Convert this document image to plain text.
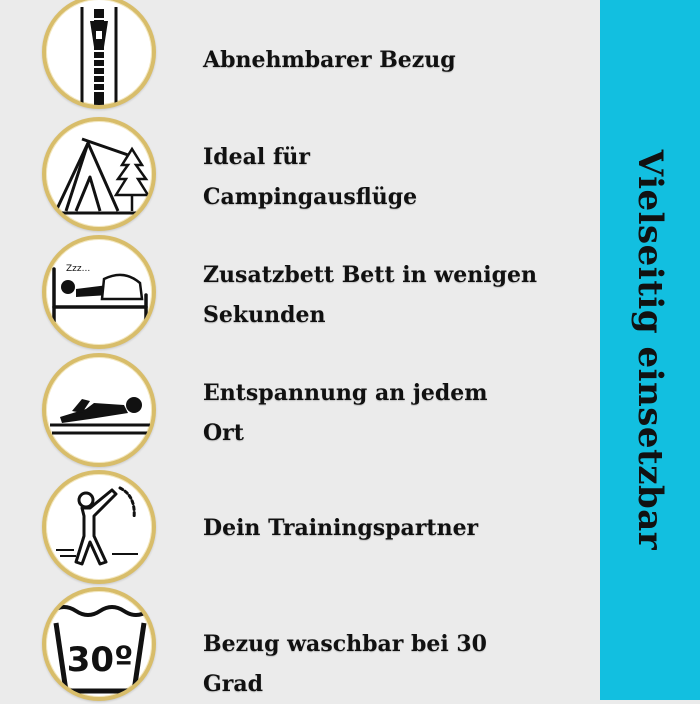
Abnehmbarer Bezug
Ideal für
Campingausflüge
Zzz...	Zusatzbett Bett in wenigen
Sekunden
Entspannung an jedem
Ort
Dein Trainingspartner
30º	Bezug waschbar bei 30
Grad
Vielseitig einsetzbar
